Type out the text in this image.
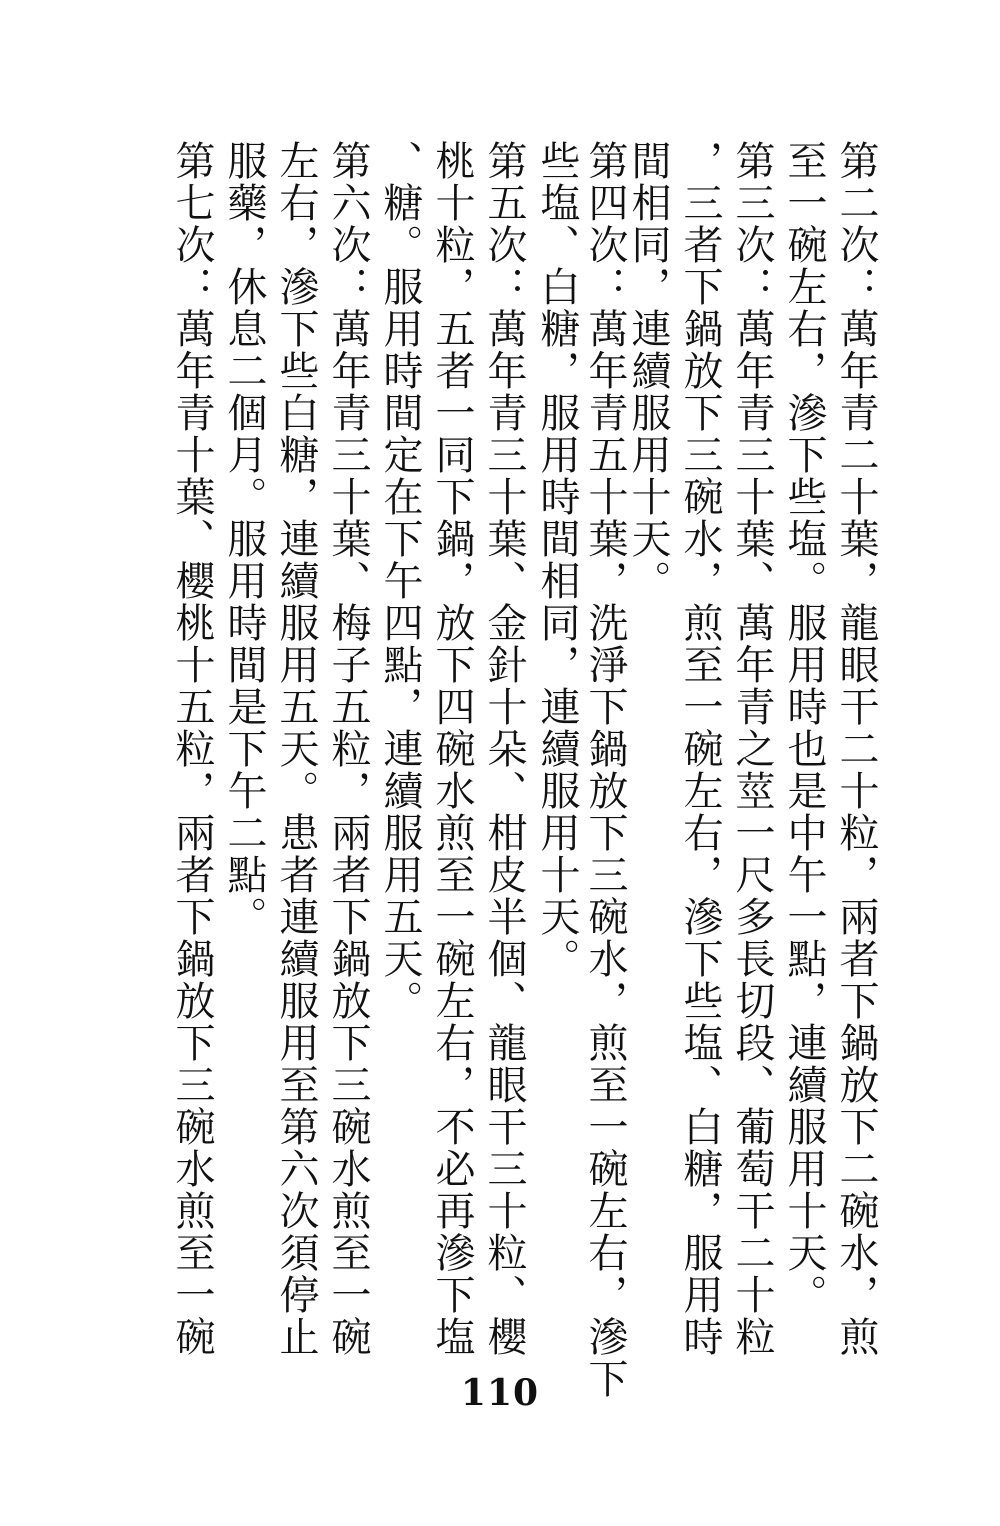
第二次：萬年青二十葉，龍眼干二十粒，兩者下鍋放下二碗水，煎
至一碗左右，滲下些塩。服用時也是中午一點，連續服用十天。
第三次：萬年青三十葉、萬年青之莖一尺多長切段、葡萄干二十粒
，三者下鍋放下三碗水，煎至一碗左右，滲下些塩、白糖，服用時
間相同，連續服用十天。
些塩、白糖，服用時間相同，連續服用十天。 第四次：萬年青五十葉，洗淨下鍋放下三碗水，煎至一碗左右，滲下
第五次：萬年青三十葉、金針十朵、柑皮半個、龍眼干三十粒、櫻
桃十粒，五者一同下鍋，放下四碗水煎至一碗左右，不必再滲下塩
、糖。服用時間定在下午四點，連續服用五天。
第六次：萬年青三十葉、梅子五粒，兩者下鍋放下三碗水煎至一碗
左右，滲下些白糖，連續服用五天。患者連續服用至第六次須停止
服藥，休息二個月。服用時間是下午二點。
第七次：萬年青十葉、櫻桃十五粒，兩者下鍋放下三碗水煎至一碗
110
